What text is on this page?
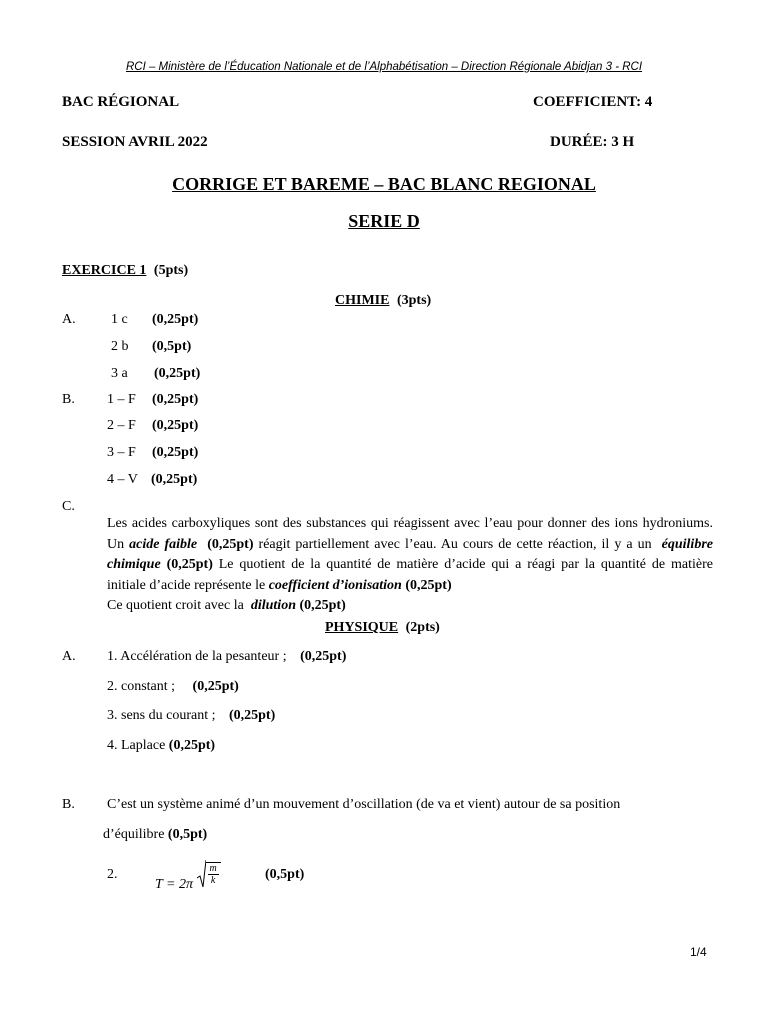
RCI – Ministère de l’Éducation Nationale et de l’Alphabétisation – Direction Régionale Abidjan 3 - RCI
BAC RÉGIONAL	COEFFICIENT: 4
SESSION AVRIL 2022	DURÉE: 3 H
CORRIGE ET BAREME – BAC BLANC REGIONAL
SERIE D
EXERCICE 1 (5pts)
CHIMIE (3pts)
A.	1 c (0,25pt)
2 b (0,5pt)
3 a (0,25pt)
B. 1 – F (0,25pt)
2 – F (0,25pt)
3 – F (0,25pt)
4 – V (0,25pt)
C.
Les acides carboxyliques sont des substances qui réagissent avec l’eau pour donner des ions hydroniums. Un acide faible (0,25pt) réagit partiellement avec l’eau. Au cours de cette réaction, il y a un  équilibre chimique (0,25pt) Le quotient de la quantité de matière d’acide qui a réagi par la quantité de matière initiale d’acide représente le coefficient d’ionisation (0,25pt)
Ce quotient croit avec la  dilution (0,25pt)
PHYSIQUE (2pts)
A. 1. Accélération de la pesanteur ; (0,25pt)
2. constant ; (0,25pt)
3. sens du courant ; (0,25pt)
4. Laplace (0,25pt)
B. C’est un système animé d’un mouvement d’oscillation (de va et vient) autour de sa position
d’équilibre (0,5pt)
2.
$T = 2\pi \frac{m}{k}$	(0,5pt)
1/4
